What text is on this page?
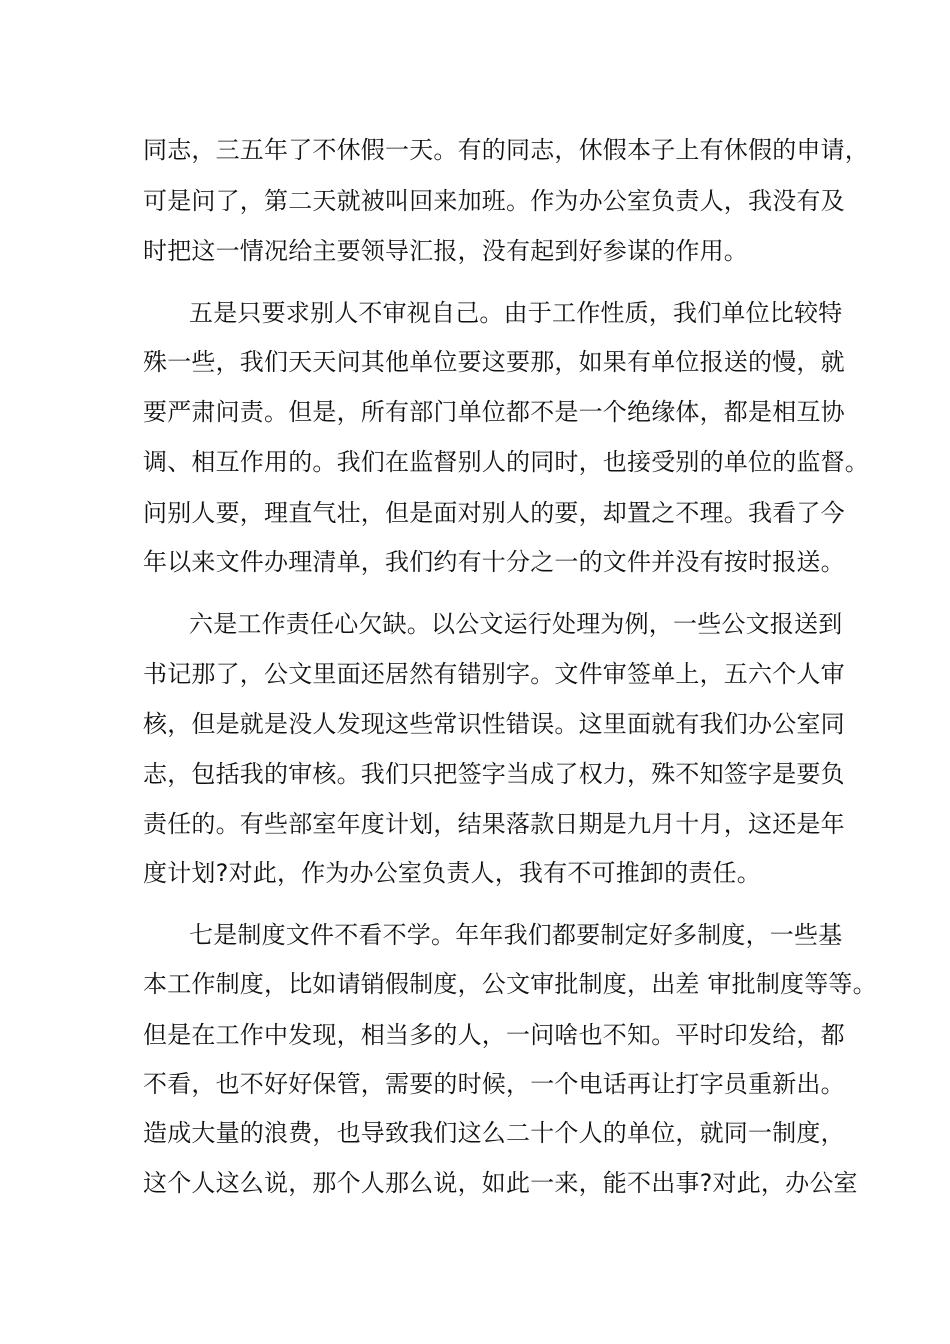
同志，三五年了不休假一天。有的同志，休假本子上有休假的申请，
可是问了，第二天就被叫回来加班。作为办公室负责人，我没有及
时把这一情况给主要领导汇报，没有起到好参谋的作用。
五是只要求别人不审视自己。由于工作性质，我们单位比较特
殊一些，我们天天问其他单位要这要那，如果有单位报送的慢，就
要严肃问责。但是，所有部门单位都不是一个绝缘体，都是相互协
调、相互作用的。我们在监督别人的同时，也接受别的单位的监督。
问别人要，理直气壮，但是面对别人的要，却置之不理。我看了今
年以来文件办理清单，我们约有十分之一的文件并没有按时报送。
六是工作责任心欠缺。以公文运行处理为例，一些公文报送到
书记那了，公文里面还居然有错别字。文件审签单上，五六个人审
核，但是就是没人发现这些常识性错误。这里面就有我们办公室同
志，包括我的审核。我们只把签字当成了权力，殊不知签字是要负
责任的。有些部室年度计划，结果落款日期是九月十月，这还是年
度计划?对此，作为办公室负责人，我有不可推卸的责任。
七是制度文件不看不学。年年我们都要制定好多制度，一些基
本工作制度，比如请销假制度，公文审批制度，出差 审批制度等等。
但是在工作中发现，相当多的人，一问啥也不知。平时印发给，都
不看，也不好好保管，需要的时候，一个电话再让打字员重新出。
造成大量的浪费，也导致我们这么二十个人的单位，就同一制度，
这个人这么说，那个人那么说，如此一来，能不出事?对此，办公室
